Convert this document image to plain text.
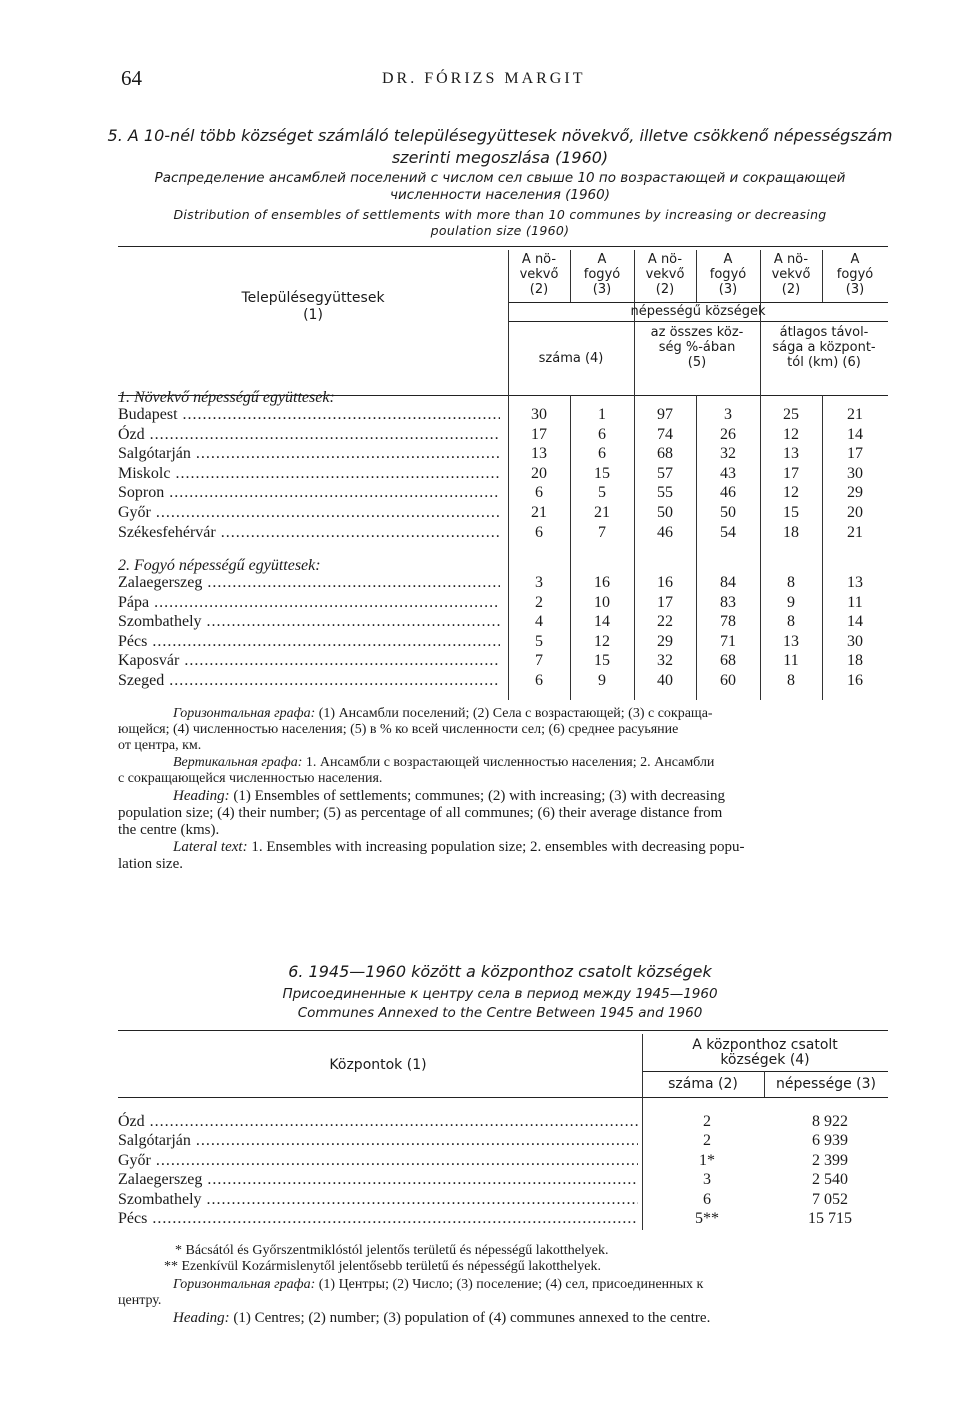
64	DR. FÓRIZS MARGIT
5. A 10-nél több községet számláló településegyüttesek növekvő, illetve csökkenő népességszám
szerinti megoszlása (1960)
Распределение ансамблей поселений с числом сел свыше 10 по возрастающей и сокращающей
численности населения (1960)
Distribution of ensembles of settlements with more than 10 communes by increasing or decreasing
poulation size (1960)
Településegyüttesek
(1)
A nö-
vekvő
(2)
A
fogyó
(3)
A nö-
vekvő
(2)
A
fogyó
(3)
A nö-
vekvő
(2)
A
fogyó
(3)
népességű községek
száma (4)
az összes köz-
ség %-ában
(5)
átlagos távol-
sága a központ-
tól (km) (6)
1. Növekvő népességű együttesek:
Budapest .....	30	1	97	3	25	21
Ózd .....	17	6	74	26	12	14
Salgótarján .....	13	6	68	32	13	17
Miskolc .....	20	15	57	43	17	30
Sopron .....	6	5	55	46	12	29
Győr .....	21	21	50	50	15	20
Székesfehérvár .....	6	7	46	54	18	21
2. Fogyó népességű együttesek:
Zalaegerszeg .....	3	16	16	84	8	13
Pápa .....	2	10	17	83	9	11
Szombathely .....	4	14	22	78	8	14
Pécs .....	5	12	29	71	13	30
Kaposvár .....	7	15	32	68	11	18
Szeged .....	6	9	40	60	8	16
Горизонтальная графа: (1) Ансамбли поселений; (2) Села с возрастающей; (3) с сокраща-
ющейся; (4) численностью населения; (5) в % ко всей численности сел; (6) среднее расуьяние
от центра, км.
Вертикальная графа: 1. Ансамбли с возрастающей численностью населения; 2. Ансамбли
с сокращающейся численностью населения.
Heading: (1) Ensembles of settlements; communes; (2) with increasing; (3) with decreasing
population size; (4) their number; (5) as percentage of all communes; (6) their average distance from
the centre (kms).
Lateral text: 1. Ensembles with increasing population size; 2. ensembles with decreasing popu-
lation size.
6. 1945—1960 között a központhoz csatolt községek
Присоединенные к центру села в период между 1945—1960
Communes Annexed to the Centre Between 1945 and 1960
Központok (1)
A központhoz csatolt
községek (4)
száma (2)	népessége (3)
Ózd .....	2	8 922
Salgótarján .....	2	6 939
Győr .....	1*	2 399
Zalaegerszeg .....	3	2 540
Szombathely .....	6	7 052
Pécs .....	5**	15 715
* Bácsától és Győrszentmiklóstól jelentős területű és népességű lakotthelyek.
** Ezenkívül Kozármislenytől jelentősebb területű és népességű lakotthelyek.
Горизонтальная графа: (1) Центры; (2) Число; (3) поселение; (4) сел, присоединенных к
центру.
Heading: (1) Centres; (2) number; (3) population of (4) communes annexed to the centre.
